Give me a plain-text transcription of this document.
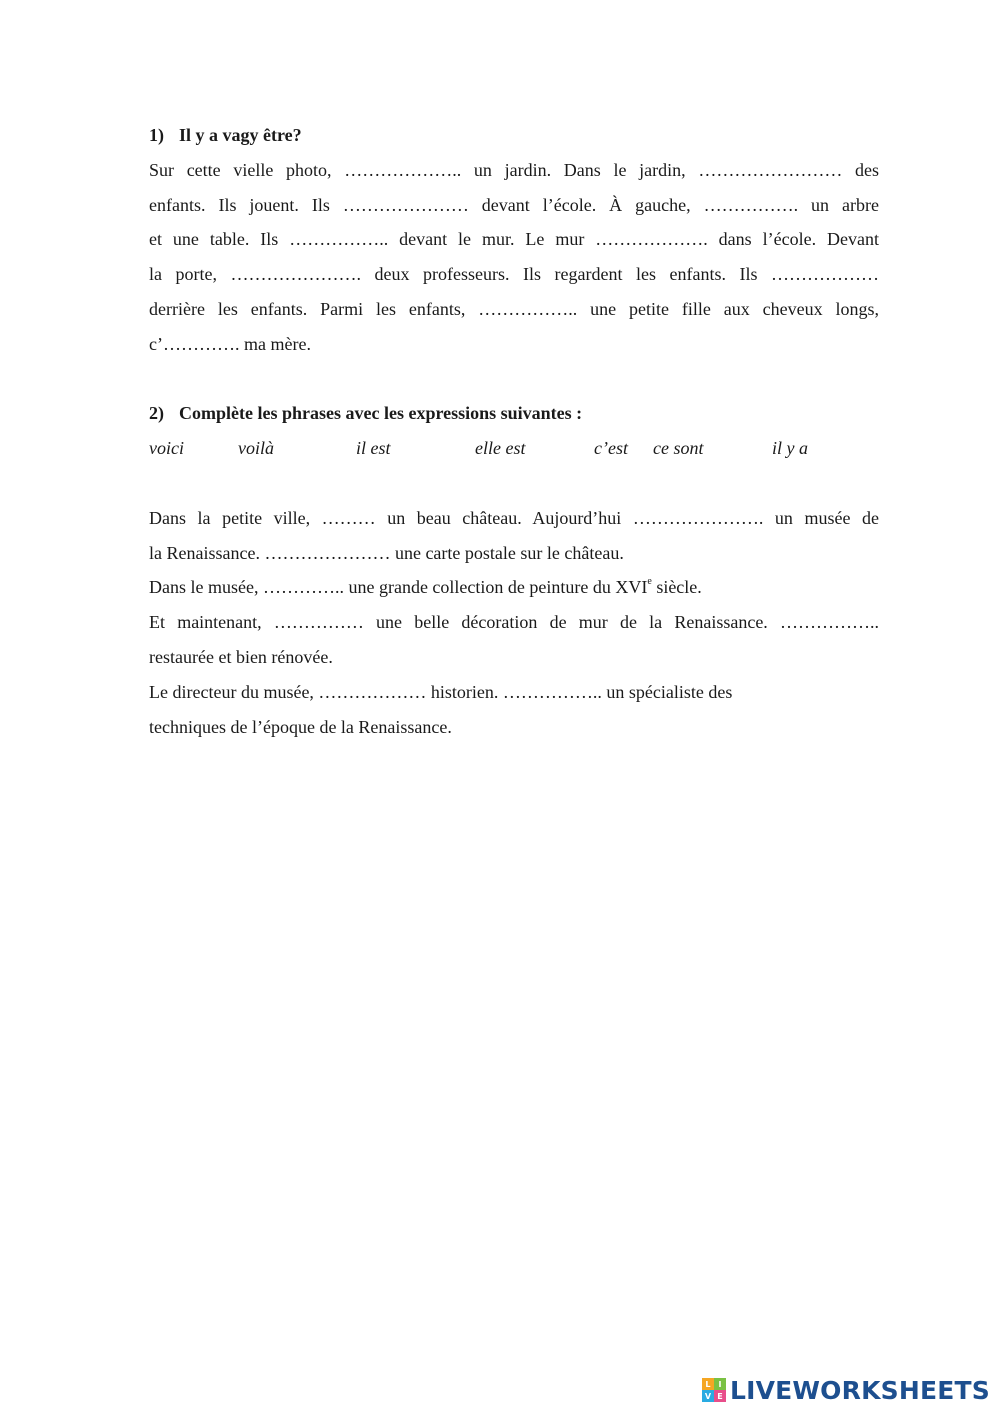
1) Il y a vagy être?
Sur cette vielle photo, ……………….. un jardin. Dans le jardin, …………………… des
enfants. Ils jouent. Ils ………………… devant l’école. À gauche, ……………. un arbre
et une table. Ils …………….. devant le mur. Le mur ………………. dans l’école. Devant
la porte, …………………. deux professeurs. Ils regardent les enfants. Ils ………………
derrière les enfants. Parmi les enfants, …………….. une petite fille aux cheveux longs,
c’…………. ma mère.
2) Complète les phrases avec les expressions suivantes :
voici	voilà	il est	elle est	c’est ce sont	il y a
Dans la petite ville, ……… un beau château. Aujourd’hui …………………. un musée de
la Renaissance. ………………… une carte postale sur le château.
Dans le musée, ………….. une grande collection de peinture du XVIe siècle.
Et maintenant, …………… une belle décoration de mur de la Renaissance. ……………..
restaurée et bien rénovée.
Le directeur du musée, ……………… historien. …………….. un spécialiste des
techniques de l’époque de la Renaissance.
L I
V E LIVEWORKSHEETS
